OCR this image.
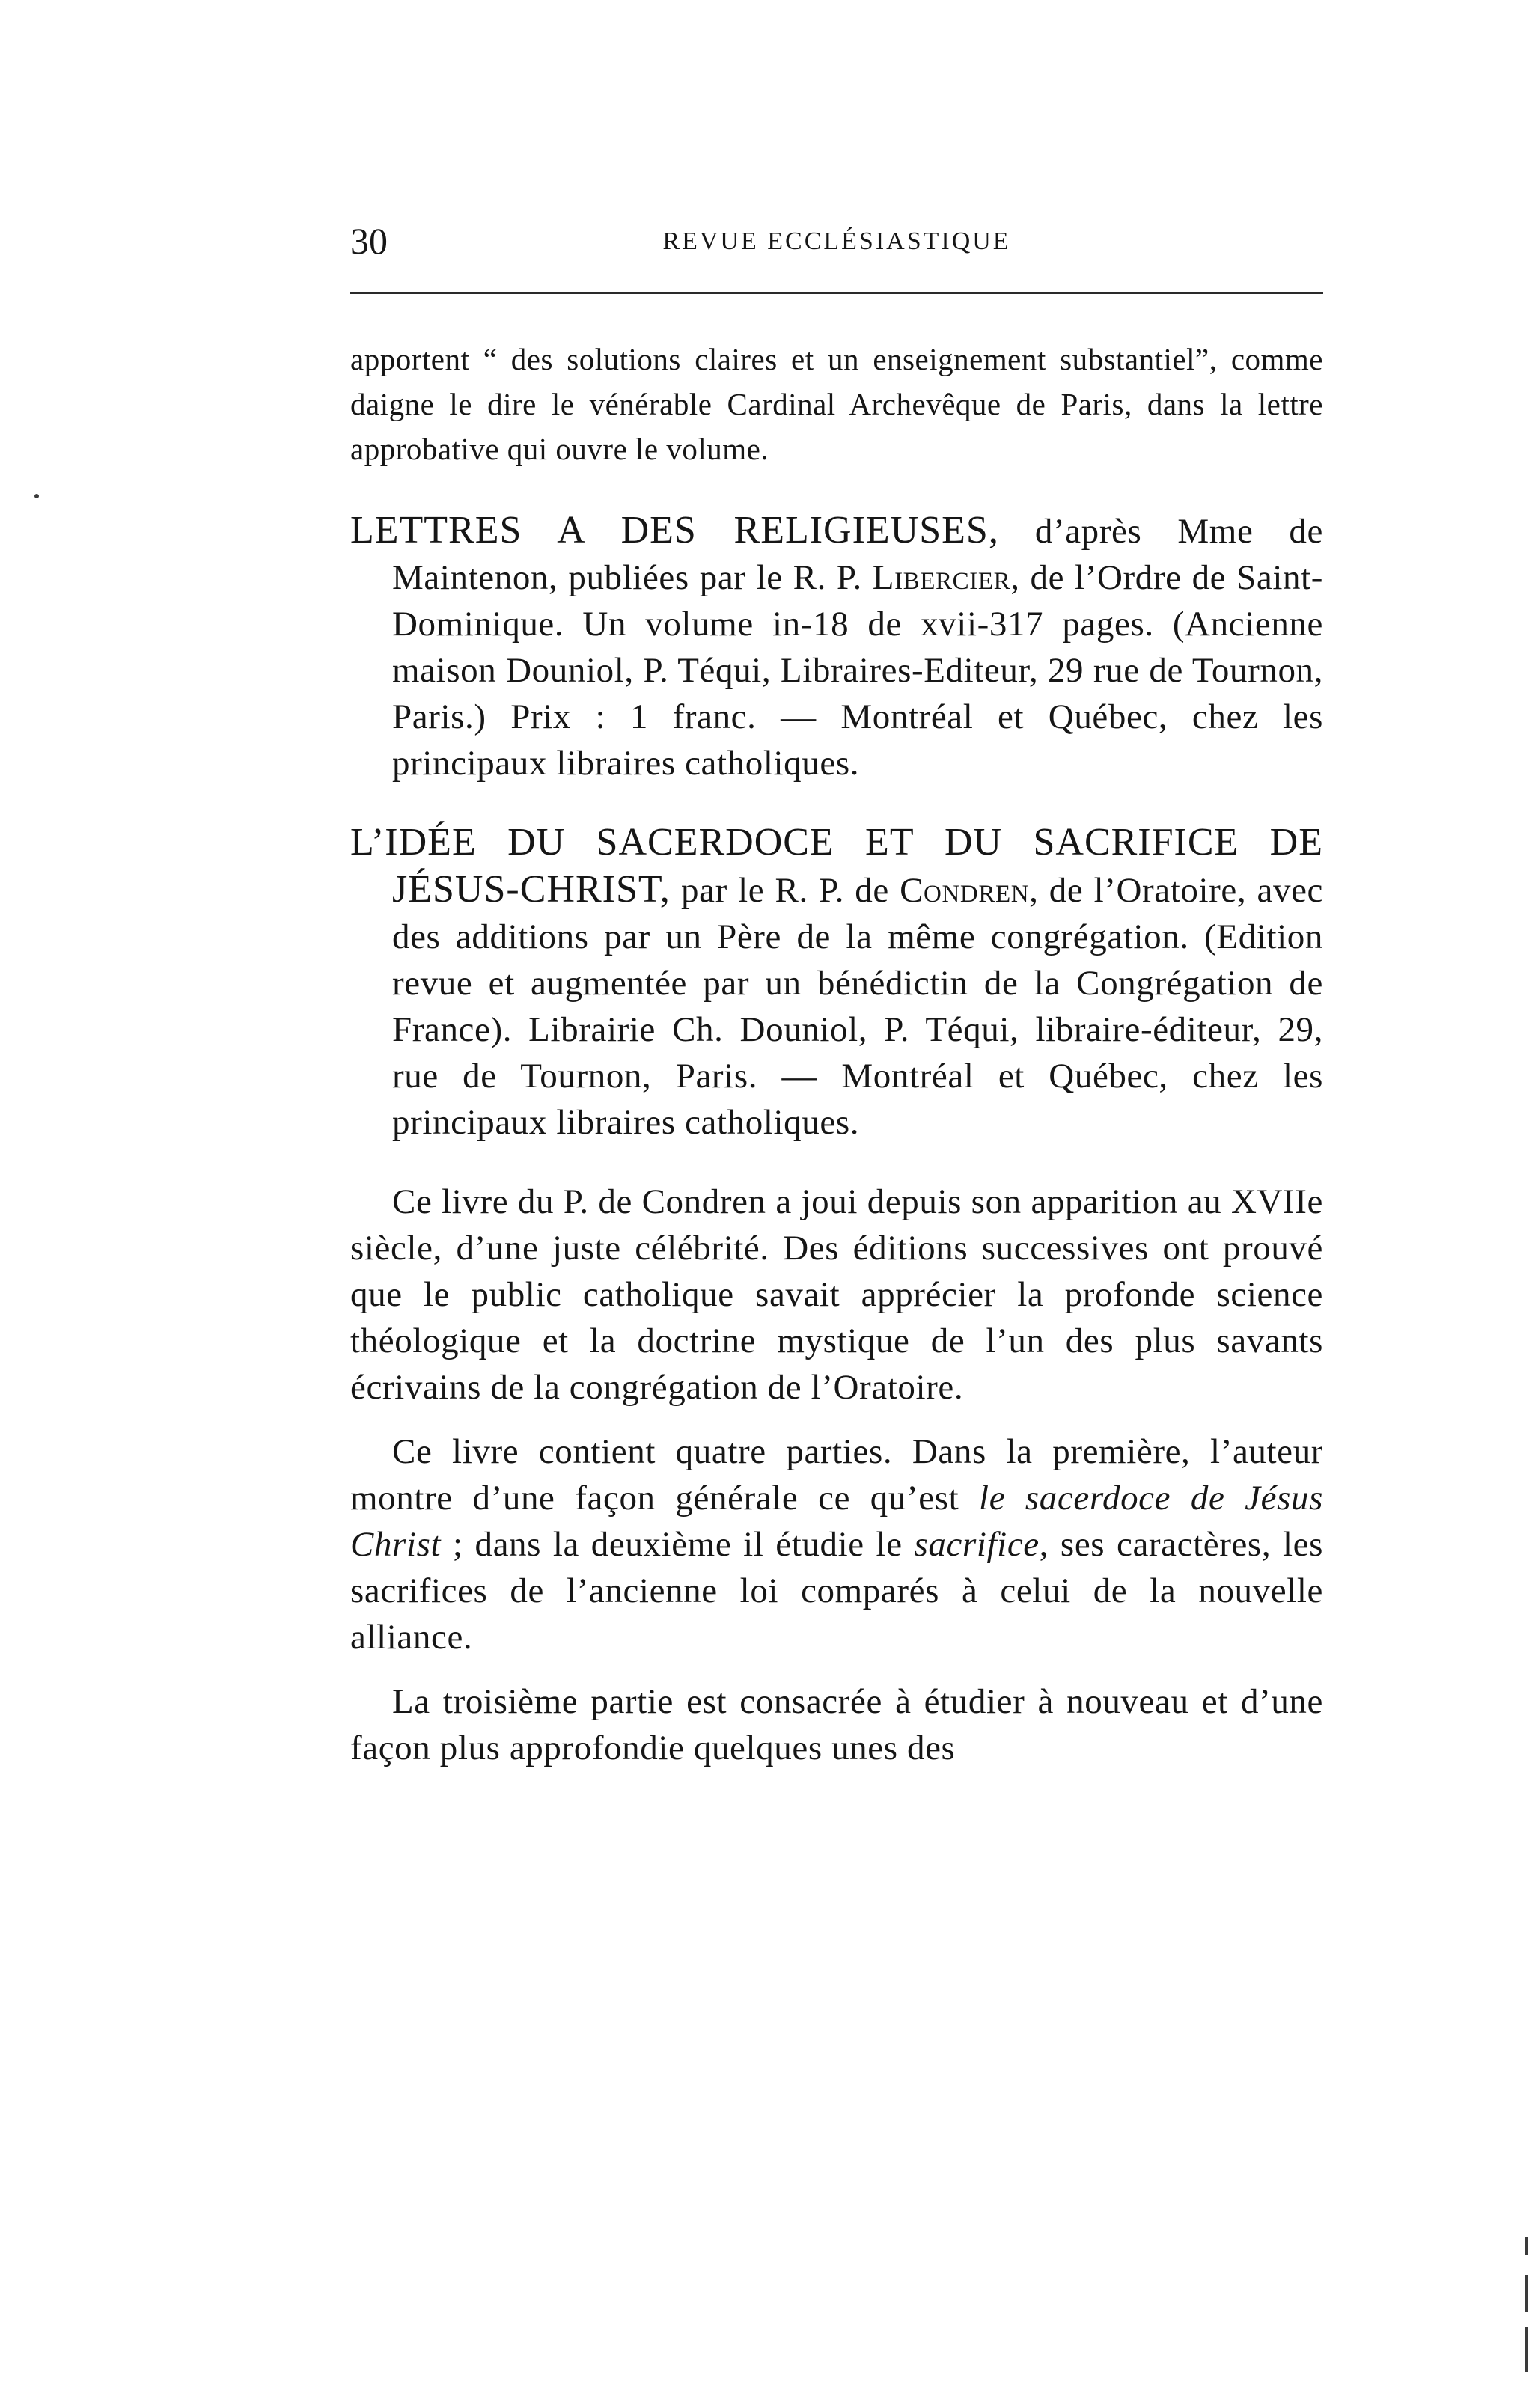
30	REVUE ECCLÉSIASTIQUE

apportent “ des solutions claires et un enseignement substantiel”, comme daigne le dire le vénérable Cardinal Archevêque de Paris, dans la lettre approbative qui ouvre le volume.

LETTRES A DES RELIGIEUSES, d’après Mme de Maintenon, publiées par le R. P. Libercier, de l’Ordre de Saint-Dominique. Un volume in-18 de xvii-317 pages. (Ancienne maison Douniol, P. Téqui, Libraires-Editeur, 29 rue de Tournon, Paris.) Prix : 1 franc. — Montréal et Québec, chez les principaux libraires catholiques.

L’IDÉE DU SACERDOCE ET DU SACRIFICE DE JÉSUS-CHRIST, par le R. P. de Condren, de l’Oratoire, avec des additions par un Père de la même congrégation. (Edition revue et augmentée par un bénédictin de la Congrégation de France). Librairie Ch. Douniol, P. Téqui, libraire-éditeur, 29, rue de Tournon, Paris. — Montréal et Québec, chez les principaux libraires catholiques.

Ce livre du P. de Condren a joui depuis son apparition au XVIIe siècle, d’une juste célébrité. Des éditions successives ont prouvé que le public catholique savait apprécier la profonde science théologique et la doctrine mystique de l’un des plus savants écrivains de la congrégation de l’Oratoire.

Ce livre contient quatre parties. Dans la première, l’auteur montre d’une façon générale ce qu’est le sacerdoce de Jésus Christ ; dans la deuxième il étudie le sacrifice, ses caractères, les sacrifices de l’ancienne loi comparés à celui de la nouvelle alliance.

La troisième partie est consacrée à étudier à nouveau et d’une façon plus approfondie quelques unes des
